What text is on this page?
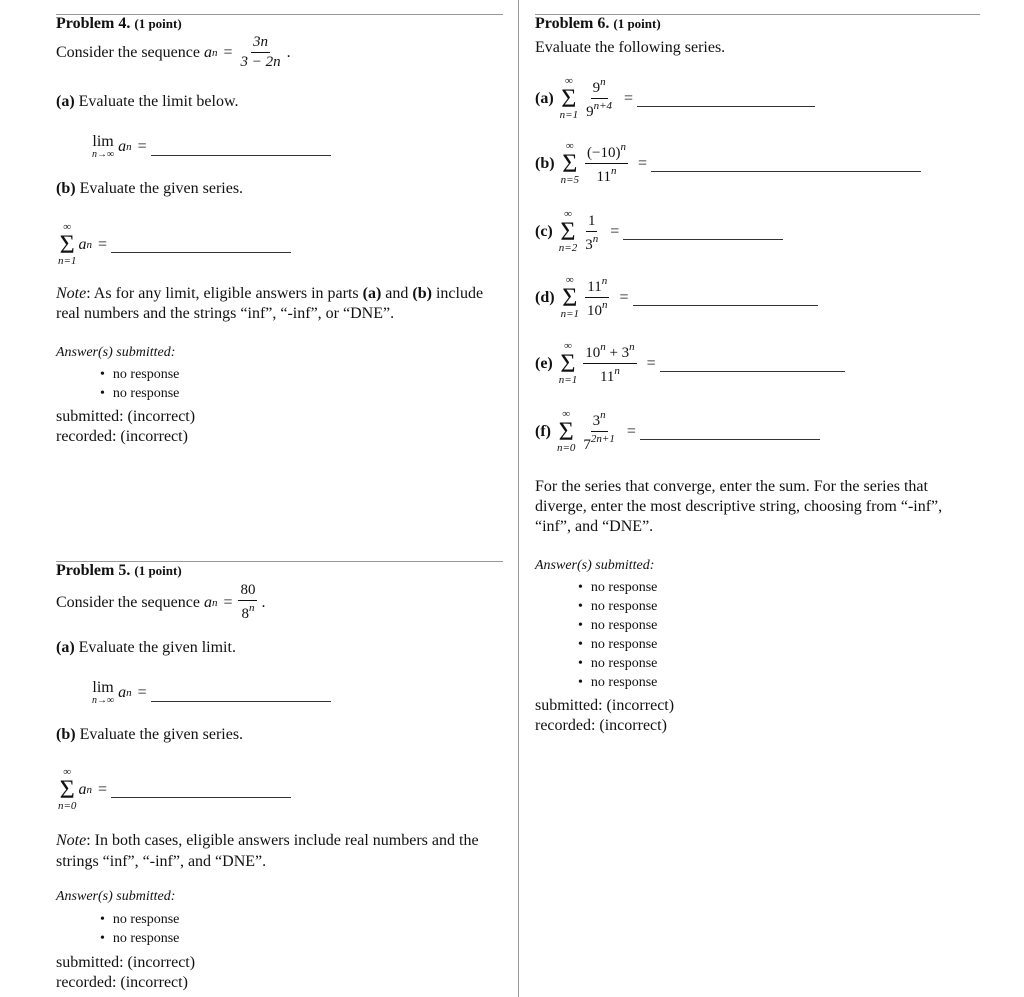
Problem 4. (1 point)
Consider the sequence a $n = \frac{3n}{3 - 2n}$ .
(a) Evaluate the limit below.
lim
n→∞ a n =
(b) Evaluate the given series.
∞
Σ
n=1
a n =
Note: As for any limit, eligible answers in parts (a) and (b) include
real numbers and the strings “inf”, “-inf”, or “DNE”.
Answer(s) submitted:
• no response
• no response
submitted: (incorrect)
recorded: (incorrect)
Problem 5. (1 point)
Consider the sequence a $n = \frac{80}{8^n}$ .
(a) Evaluate the given limit.
lim
n→∞ a n =
(b) Evaluate the given series.
∞
Σ
n=0
a n =
Note: In both cases, eligible answers include real numbers and the
strings “inf”, “-inf”, and “DNE”.
Answer(s) submitted:
• no response
• no response
submitted: (incorrect)
recorded: (incorrect)
Problem 6. (1 point)
Evaluate the following series.
(a)
∞
Σ
$n=1 \frac{9^n}{9^{n+4}}$ =
(b)
∞
Σ
$n=5 \frac{(-10)^n}{11^n}$ =
(c)
∞
Σ
$n=2 \frac{1}{3^n}$ =
(d)
∞
Σ
$n=1 \frac{11^n}{10^n}$ =
(e)
∞
Σ
$n=1 \frac{10^n + 3^n}{11^n}$ =
(f)
∞
Σ
$n=0 \frac{3^n}{7^{2n+1}}$ =
For the series that converge, enter the sum. For the series that
diverge, enter the most descriptive string, choosing from “-inf”,
“inf”, and “DNE”.
Answer(s) submitted:
• no response
• no response
• no response
• no response
• no response
• no response
submitted: (incorrect)
recorded: (incorrect)
